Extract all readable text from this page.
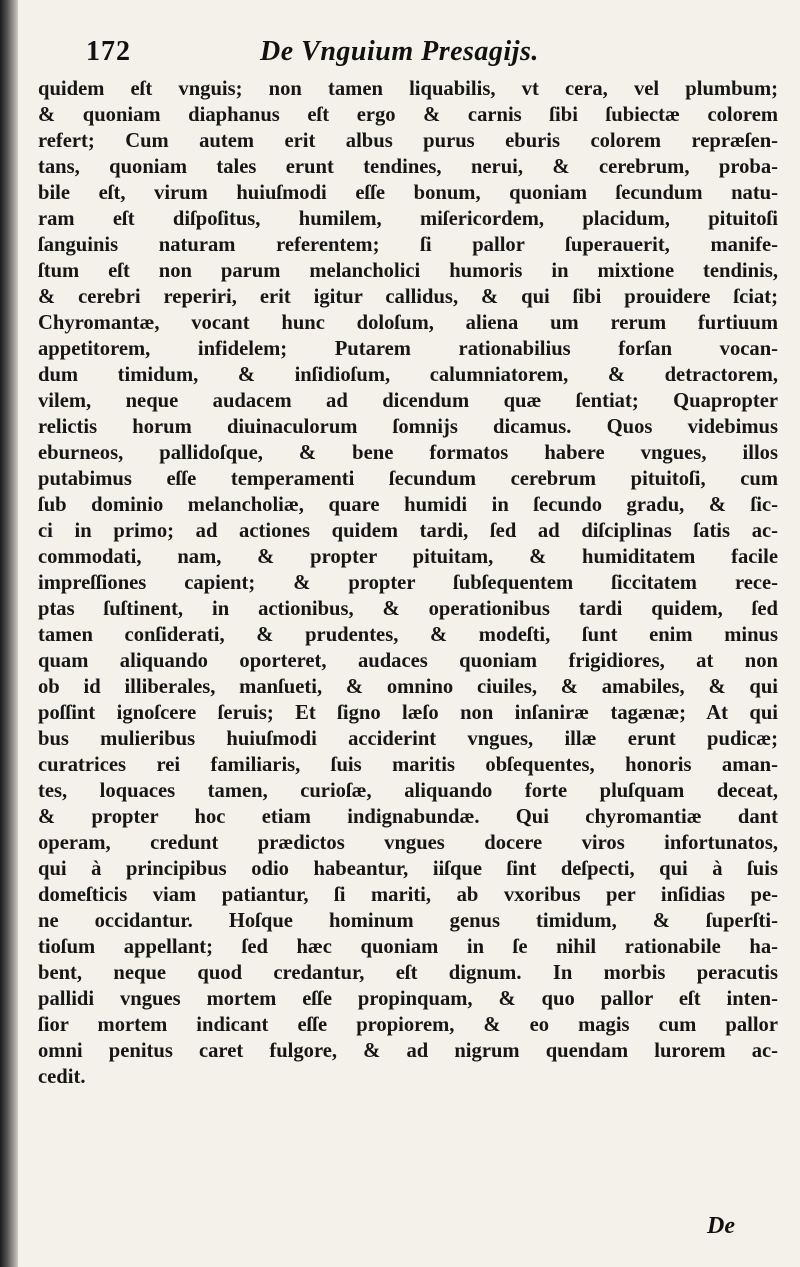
172	De Vnguium Presagijs.
quidem eſt vnguis; non tamen liquabilis, vt cera, vel plumbum;
& quoniam diaphanus eſt ergo & carnis ſibi ſubiectæ colorem
refert; Cum autem erit albus purus eburis colorem repræſen-
tans, quoniam tales erunt tendines, nerui, & cerebrum, proba-
bile eſt, virum huiuſmodi eſſe bonum, quoniam ſecundum natu-
ram eſt diſpoſitus, humilem, miſericordem, placidum, pituitoſi
ſanguinis naturam referentem; ſi pallor ſuperauerit, manife-
ſtum eſt non parum melancholici humoris in mixtione tendinis,
& cerebri reperiri, erit igitur callidus, & qui ſibi prouidere ſciat;
Chyromantæ, vocant hunc doloſum, aliena um rerum furtiuum
appetitorem, infidelem; Putarem rationabilius forſan vocan-
dum timidum, & inſidioſum, calumniatorem, & detractorem,
vilem, neque audacem ad dicendum quæ ſentiat; Quapropter
relictis horum diuinaculorum ſomnijs dicamus. Quos videbimus
eburneos, pallidoſque, & bene formatos habere vngues, illos
putabimus eſſe temperamenti ſecundum cerebrum pituitoſi, cum
ſub dominio melancholiæ, quare humidi in ſecundo gradu, & ſic-
ci in primo; ad actiones quidem tardi, ſed ad diſciplinas ſatis ac-
commodati, nam, & propter pituitam, & humiditatem facile
impreſſiones capient; & propter ſubſequentem ſiccitatem rece-
ptas ſuſtinent, in actionibus, & operationibus tardi quidem, ſed
tamen conſiderati, & prudentes, & modeſti, ſunt enim minus
quam aliquando oporteret, audaces quoniam frigidiores, at non
ob id illiberales, manſueti, & omnino ciuiles, & amabiles, & qui
poſſint ignoſcere ſeruis; Et ſigno læſo non inſaniræ tagænæ; At qui
bus mulieribus huiuſmodi acciderint vngues, illæ erunt pudicæ;
curatrices rei familiaris, ſuis maritis obſequentes, honoris aman-
tes, loquaces tamen, curioſæ, aliquando forte pluſquam deceat,
& propter hoc etiam indignabundæ. Qui chyromantiæ dant
operam, credunt prædictos vngues docere viros infortunatos,
qui à principibus odio habeantur, iiſque ſint deſpecti, qui à ſuis
domeſticis viam patiantur, ſi mariti, ab vxoribus per inſidias pe-
ne occidantur. Hoſque hominum genus timidum, & ſuperſti-
tioſum appellant; ſed hæc quoniam in ſe nihil rationabile ha-
bent, neque quod credantur, eſt dignum. In morbis peracutis
pallidi vngues mortem eſſe propinquam, & quo pallor eſt inten-
ſior mortem indicant eſſe propiorem, & eo magis cum pallor
omni penitus caret fulgore, & ad nigrum quendam lurorem ac-
cedit.
De
